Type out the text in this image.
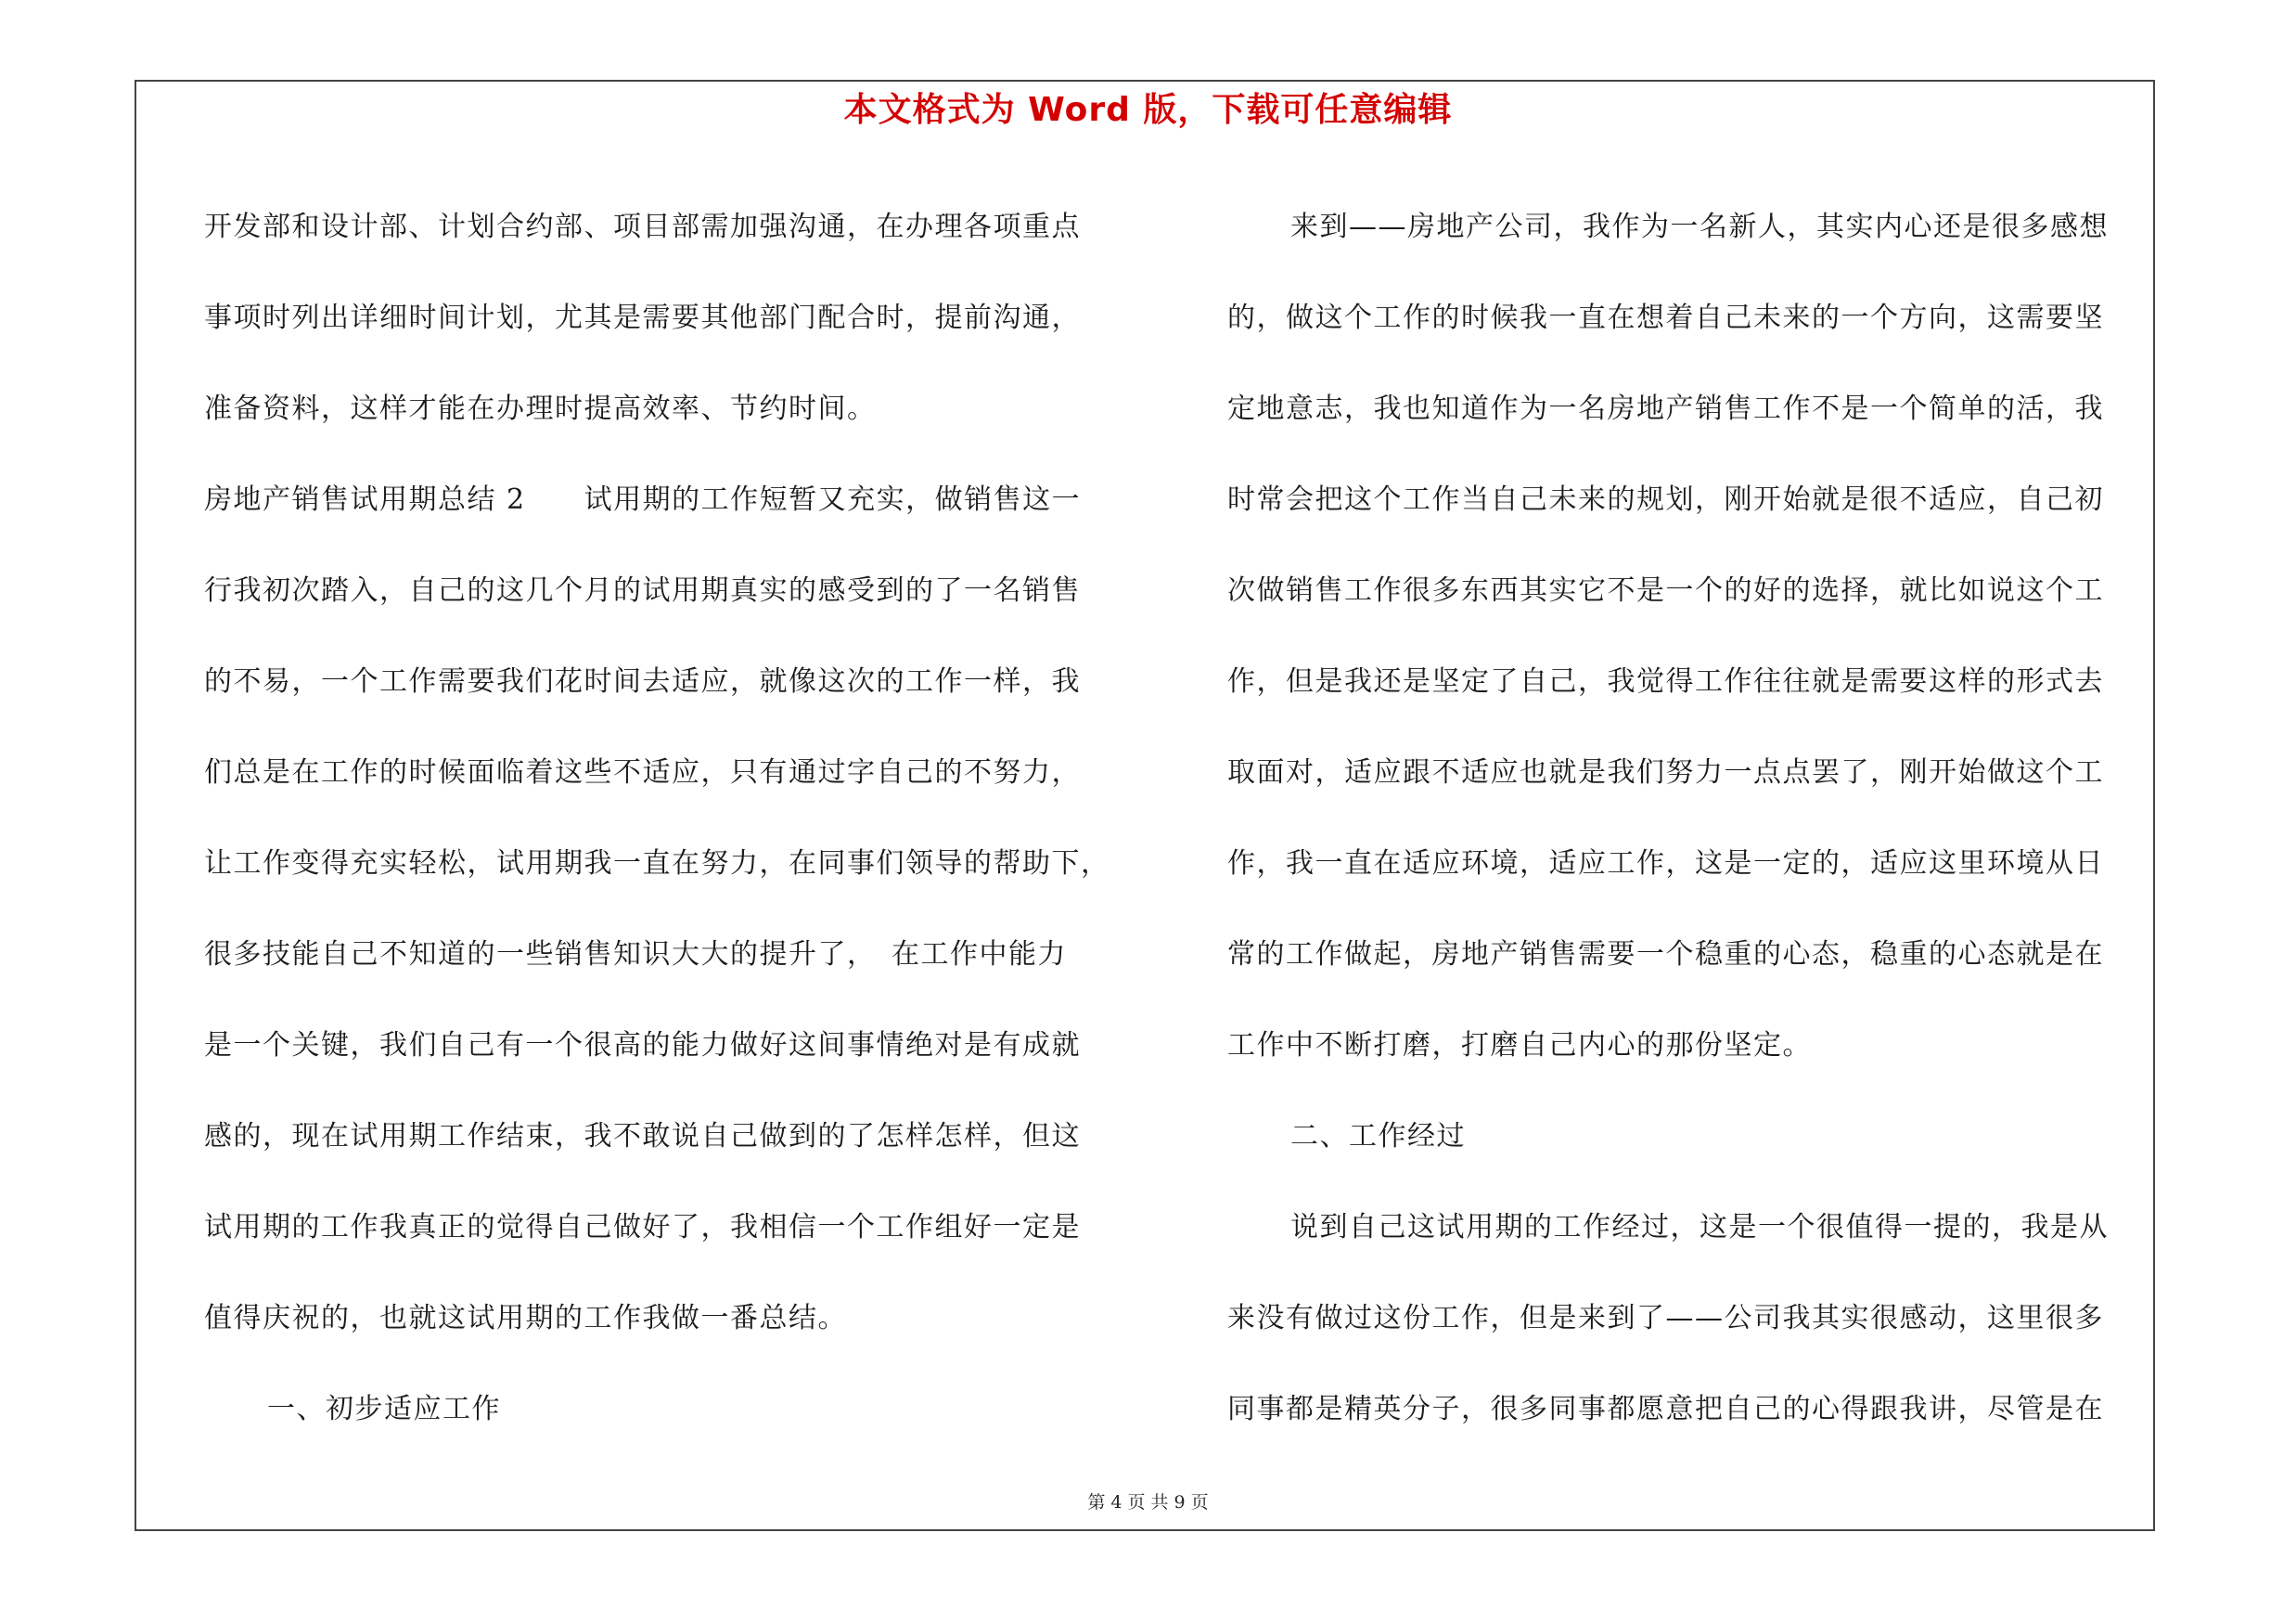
本文格式为 Word 版，下载可任意编辑
开发部和设计部、计划合约部、项目部需加强沟通，在办理各项重点
事项时列出详细时间计划，尤其是需要其他部门配合时，提前沟通，
准备资料，这样才能在办理时提高效率、节约时间。
房地产销售试用期总结 2　　试用期的工作短暂又充实，做销售这一
行我初次踏入，自己的这几个月的试用期真实的感受到的了一名销售
的不易，一个工作需要我们花时间去适应，就像这次的工作一样，我
们总是在工作的时候面临着这些不适应，只有通过字自己的不努力，
让工作变得充实轻松，试用期我一直在努力，在同事们领导的帮助下，
很多技能自己不知道的一些销售知识大大的提升了，　在工作中能力
是一个关键，我们自己有一个很高的能力做好这间事情绝对是有成就
感的，现在试用期工作结束，我不敢说自己做到的了怎样怎样，但这
试用期的工作我真正的觉得自己做好了，我相信一个工作组好一定是
值得庆祝的，也就这试用期的工作我做一番总结。
一、初步适应工作
来到——房地产公司，我作为一名新人，其实内心还是很多感想
的，做这个工作的时候我一直在想着自己未来的一个方向，这需要坚
定地意志，我也知道作为一名房地产销售工作不是一个简单的活，我
时常会把这个工作当自己未来的规划，刚开始就是很不适应，自己初
次做销售工作很多东西其实它不是一个的好的选择，就比如说这个工
作，但是我还是坚定了自己，我觉得工作往往就是需要这样的形式去
取面对，适应跟不适应也就是我们努力一点点罢了，刚开始做这个工
作，我一直在适应环境，适应工作，这是一定的，适应这里环境从日
常的工作做起，房地产销售需要一个稳重的心态，稳重的心态就是在
工作中不断打磨，打磨自己内心的那份坚定。
二、工作经过
说到自己这试用期的工作经过，这是一个很值得一提的，我是从
来没有做过这份工作，但是来到了——公司我其实很感动，这里很多
同事都是精英分子，很多同事都愿意把自己的心得跟我讲，尽管是在
第 4 页 共 9 页
